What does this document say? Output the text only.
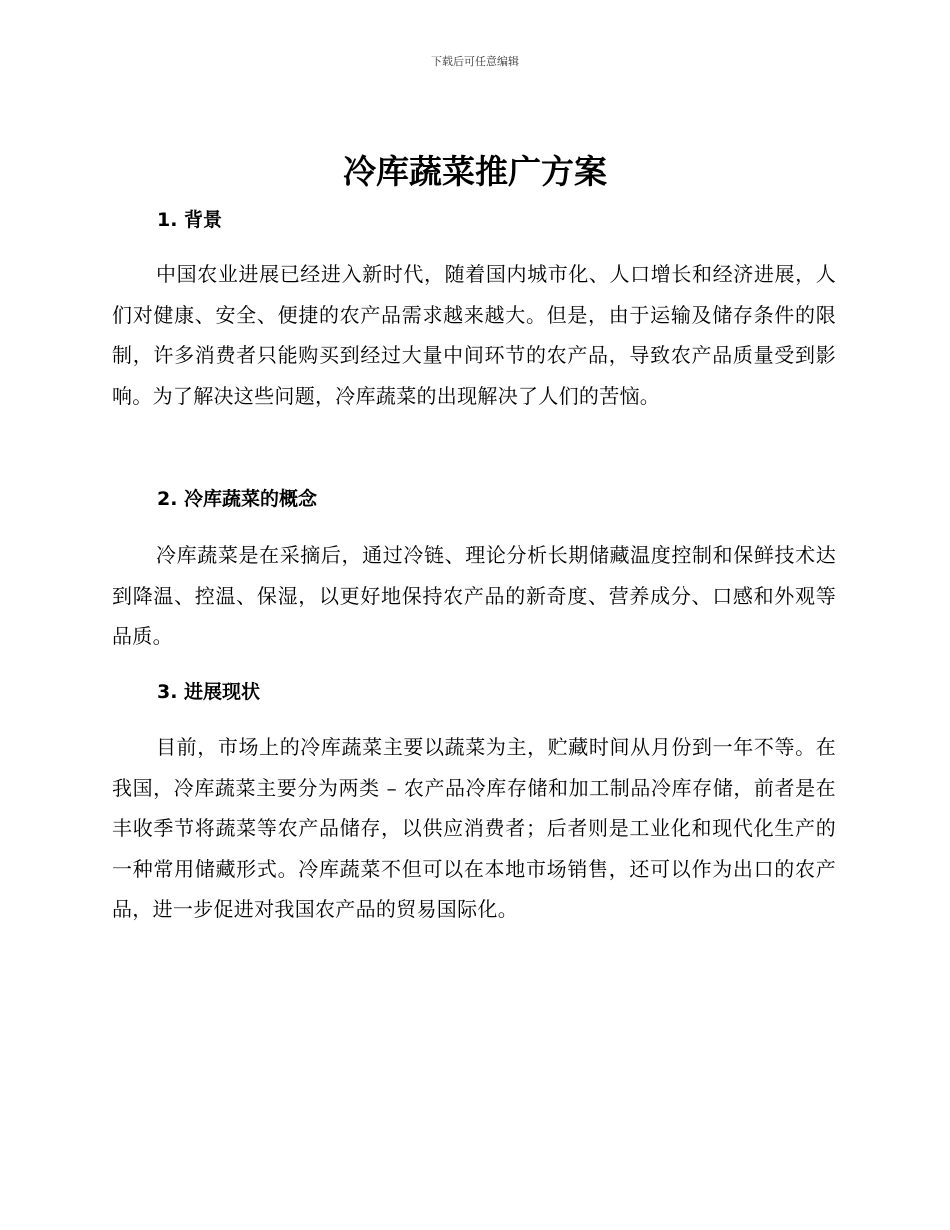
下载后可任意编辑
冷库蔬菜推广方案
1. 背景

中国农业进展已经进入新时代，随着国内城市化、人口增长和经济进展，人们对健康、安全、便捷的农产品需求越来越大。但是，由于运输及储存条件的限制，许多消费者只能购买到经过大量中间环节的农产品，导致农产品质量受到影响。为了解决这些问题，冷库蔬菜的出现解决了人们的苦恼。

2. 冷库蔬菜的概念

冷库蔬菜是在采摘后，通过冷链、理论分析长期储藏温度控制和保鲜技术达到降温、控温、保湿，以更好地保持农产品的新奇度、营养成分、口感和外观等品质。

3. 进展现状

目前，市场上的冷库蔬菜主要以蔬菜为主，贮藏时间从月份到一年不等。在我国，冷库蔬菜主要分为两类 – 农产品冷库存储和加工制品冷库存储，前者是在丰收季节将蔬菜等农产品储存，以供应消费者；后者则是工业化和现代化生产的一种常用储藏形式。冷库蔬菜不但可以在本地市场销售，还可以作为出口的农产品，进一步促进对我国农产品的贸易国际化。
